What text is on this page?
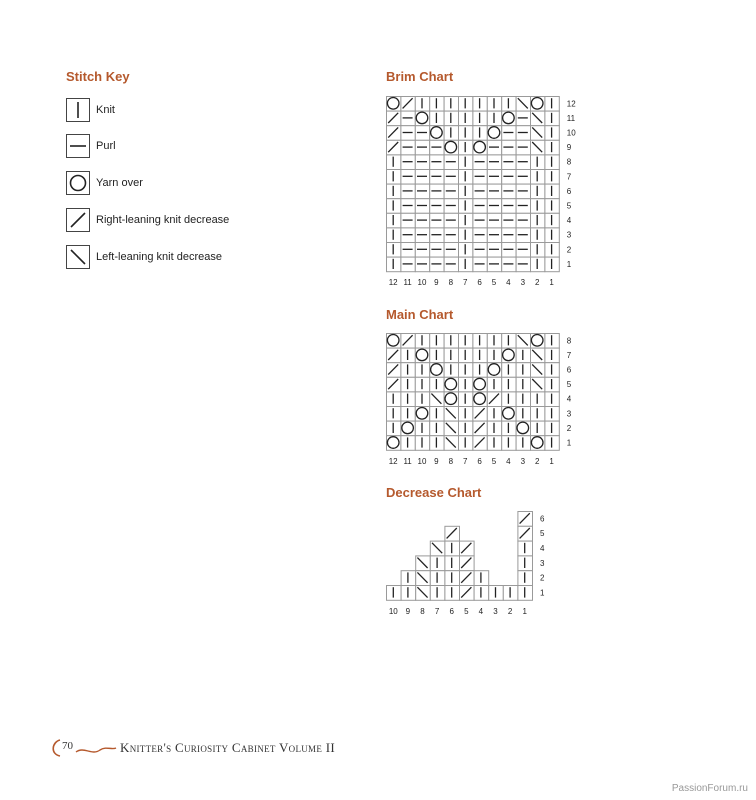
Stitch Key
Knit
Purl
Yarn over
Right-leaning knit decrease
Left-leaning knit decrease
Brim Chart
12
11
10
9
8
7
6
5
4
3
2
1
12 11 10 9 8 7 6 5 4 3 2 1
Main Chart
8
7
6
5
4
3
2
1
12 11 10 9 8 7 6 5 4 3 2 1
Decrease Chart
6
5
4
3
2
1
10 9 8 7 6 5 4 3 2 1
70	Knitter's Curiosity Cabinet Volume II
PassionForum.ru
